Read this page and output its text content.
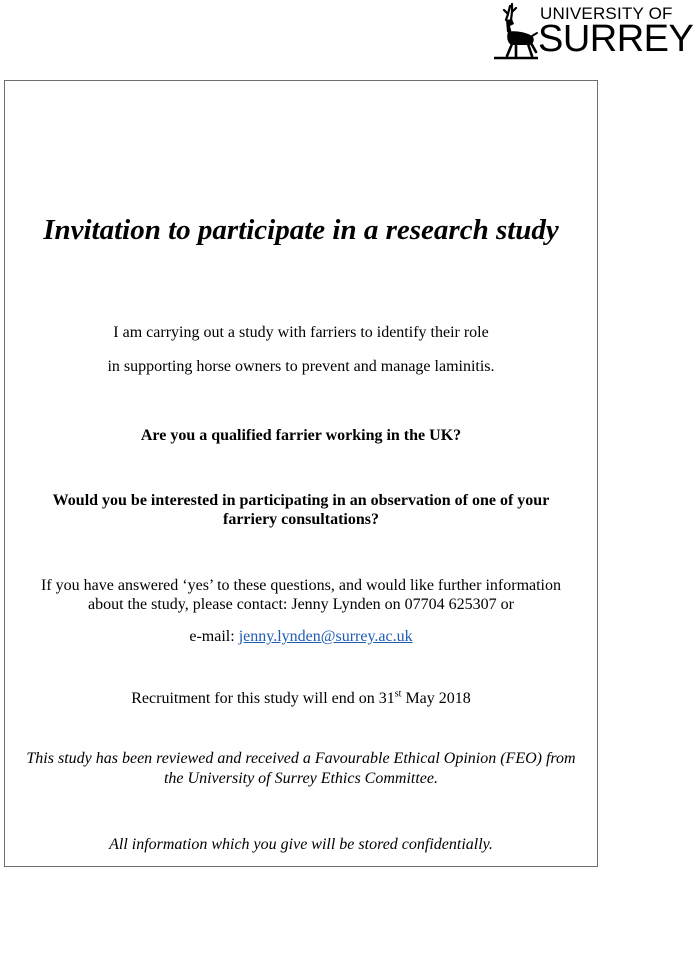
UNIVERSITY OF
SURREY
Invitation to participate in a research study
I am carrying out a study with farriers to identify their role
in supporting horse owners to prevent and manage laminitis.
Are you a qualified farrier working in the UK?
Would you be interested in participating in an observation of one of your
farriery consultations?
If you have answered ‘yes’ to these questions, and would like further information
about the study, please contact: Jenny Lynden on 07704 625307 or
e-mail: jenny.lynden@surrey.ac.uk
Recruitment for this study will end on 31st May 2018
This study has been reviewed and received a Favourable Ethical Opinion (FEO) from
the University of Surrey Ethics Committee.
All information which you give will be stored confidentially.
